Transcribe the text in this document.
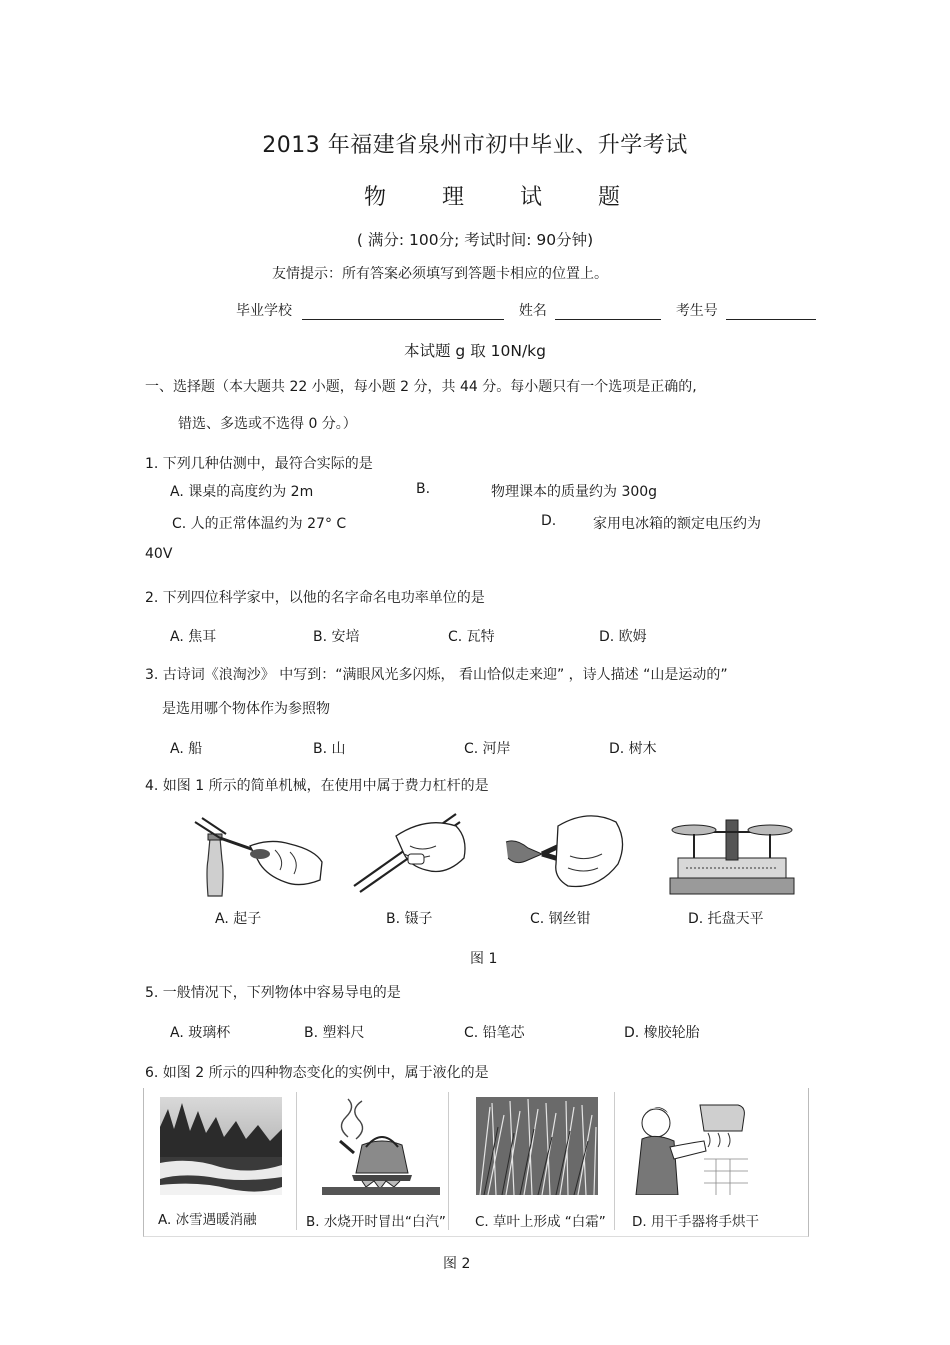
2013 年福建省泉州市初中毕业、升学考试
物	理	试	题
( 满分: 100分; 考试时间: 90分钟)
友情提示：所有答案必须填写到答题卡相应的位置上。
毕业学校	姓名	考生号
本试题 g 取 10N/kg
一、选择题（本大题共 22 小题，每小题 2 分，共 44 分。每小题只有一个选项是正确的,
错选、多选或不选得 0 分。）
1. 下列几种估测中，最符合实际的是
A. 课桌的高度约为 2m	B.	物理课本的质量约为 300g
C. 人的正常体温约为 27° C	D.	家用电冰箱的额定电压约为
40V
2. 下列四位科学家中，以他的名字命名电功率单位的是
A. 焦耳	B. 安培	C. 瓦特	D. 欧姆
3. 古诗词《浪淘沙》 中写到：“满眼风光多闪烁， 看山恰似走来迎” ，诗人描述 “山是运动的”
是选用哪个物体作为参照物
A. 船	B. 山	C. 河岸	D. 树木
4. 如图 1 所示的简单机械，在使用中属于费力杠杆的是
A. 起子	B. 镊子	C. 钢丝钳	D. 托盘天平
图 1
5. 一般情况下，下列物体中容易导电的是
A. 玻璃杯	B. 塑料尺	C. 铅笔芯	D. 橡胶轮胎
6. 如图 2 所示的四种物态变化的实例中，属于液化的是
A. 冰雪遇暖消融	B. 水烧开时冒出“白汽” C. 草叶上形成 “白霜” D. 用干手器将手烘干
图 2
